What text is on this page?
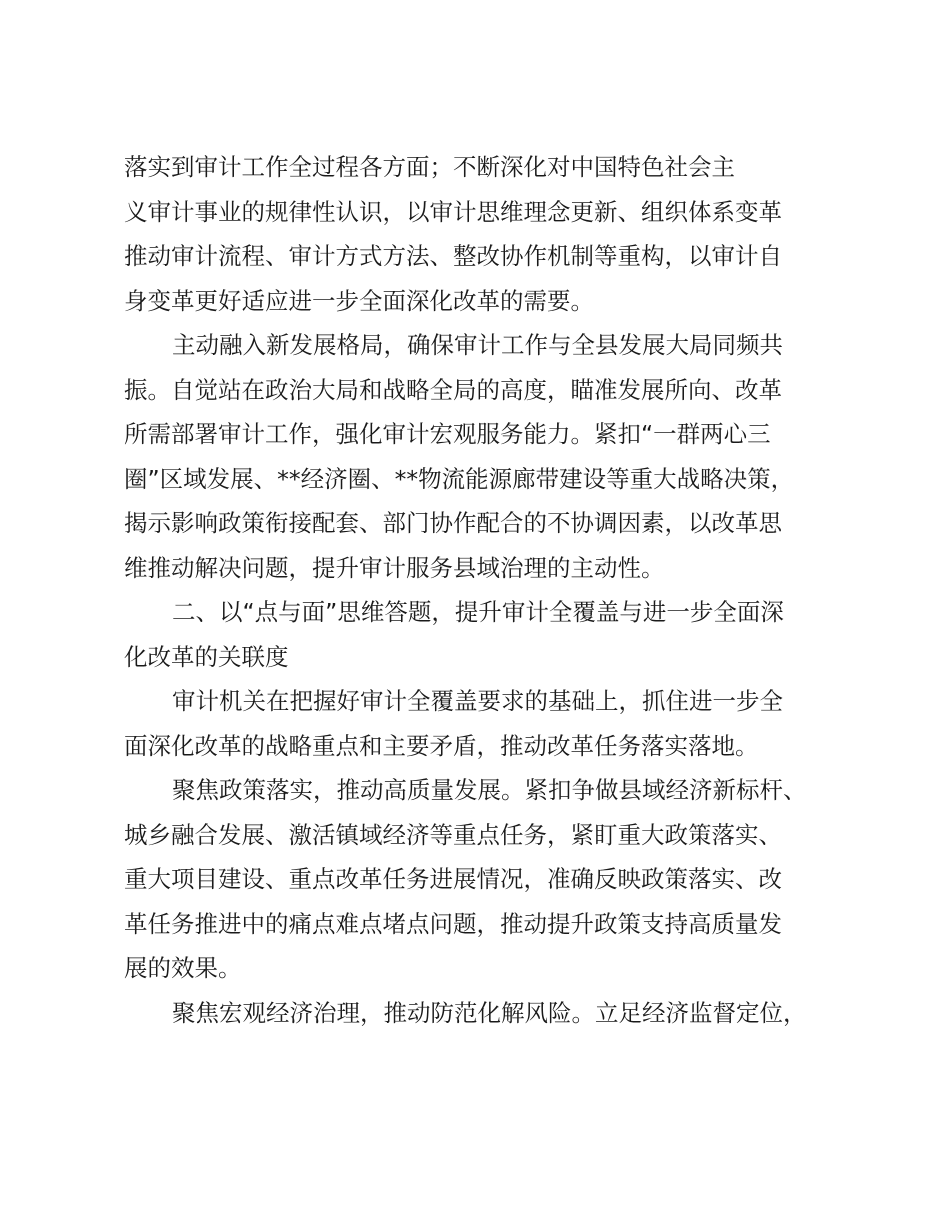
落实到审计工作全过程各方面；不断深化对中国特色社会主
义审计事业的规律性认识，以审计思维理念更新、组织体系变革
推动审计流程、审计方式方法、整改协作机制等重构，以审计自
身变革更好适应进一步全面深化改革的需要。
主动融入新发展格局，确保审计工作与全县发展大局同频共
振。自觉站在政治大局和战略全局的高度，瞄准发展所向、改革
所需部署审计工作，强化审计宏观服务能力。紧扣“一群两心三
圈”区域发展、**经济圈、**物流能源廊带建设等重大战略决策，
揭示影响政策衔接配套、部门协作配合的不协调因素，以改革思
维推动解决问题，提升审计服务县域治理的主动性。
二、以“点与面”思维答题，提升审计全覆盖与进一步全面深
化改革的关联度
审计机关在把握好审计全覆盖要求的基础上，抓住进一步全
面深化改革的战略重点和主要矛盾，推动改革任务落实落地。
聚焦政策落实，推动高质量发展。紧扣争做县域经济新标杆、
城乡融合发展、激活镇域经济等重点任务，紧盯重大政策落实、
重大项目建设、重点改革任务进展情况，准确反映政策落实、改
革任务推进中的痛点难点堵点问题，推动提升政策支持高质量发
展的效果。
聚焦宏观经济治理，推动防范化解风险。立足经济监督定位，
